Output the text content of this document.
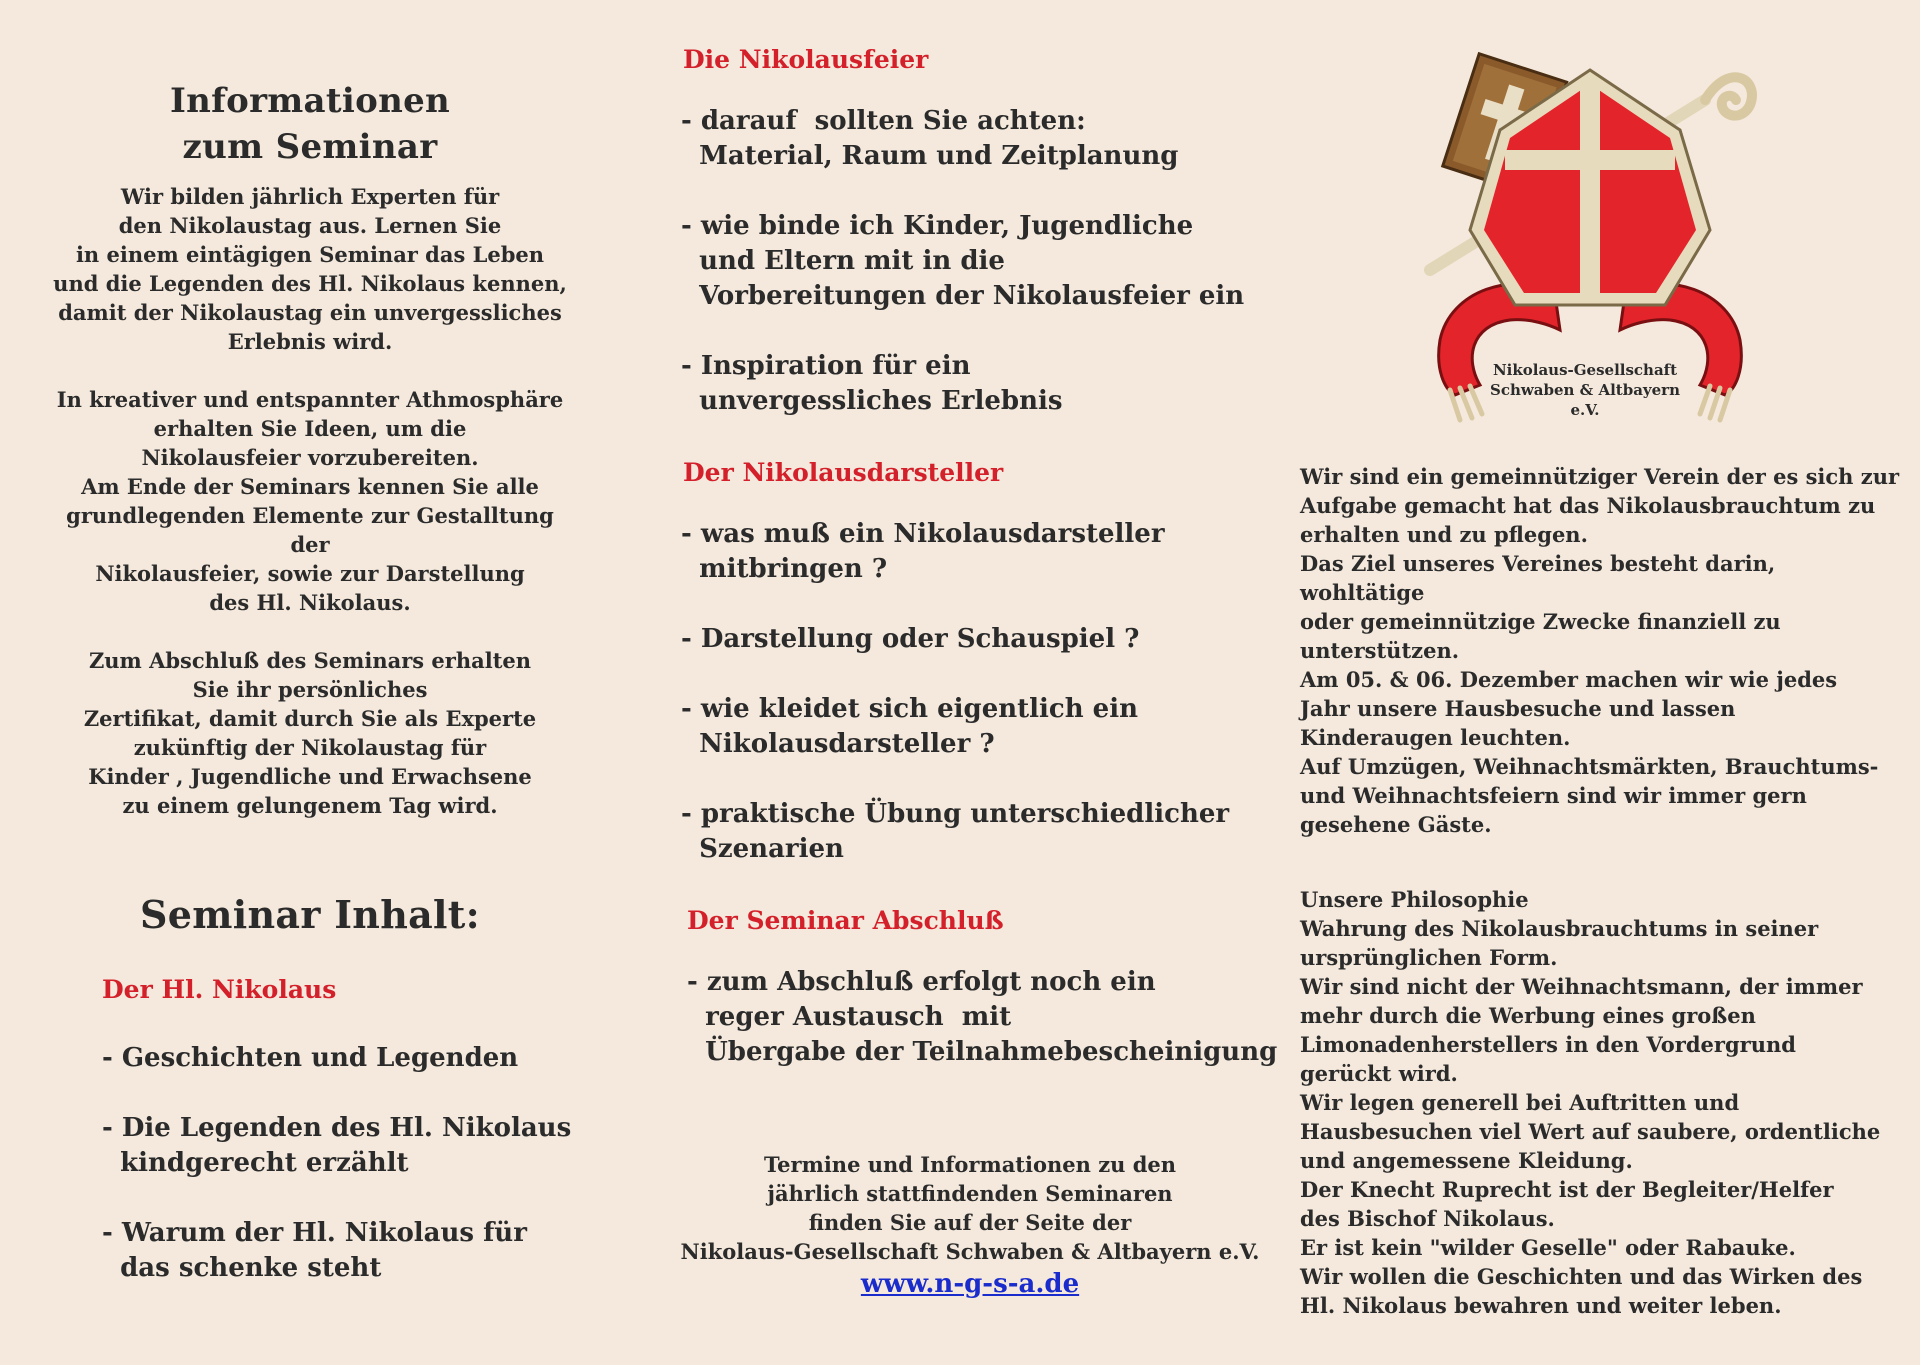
Informationen
zum Seminar

Wir bilden jährlich Experten für
den Nikolaustag aus. Lernen Sie
in einem eintägigen Seminar das Leben
und die Legenden des Hl. Nikolaus kennen,
damit der Nikolaustag ein unvergessliches
Erlebnis wird.

In kreativer und entspannter Athmosphäre
erhalten Sie Ideen, um die
Nikolausfeier vorzubereiten.
Am Ende der Seminars kennen Sie alle
grundlegenden Elemente zur Gestalltung der
Nikolausfeier, sowie zur Darstellung
des Hl. Nikolaus.

Zum Abschluß des Seminars erhalten
Sie ihr persönliches
Zertifikat, damit durch Sie als Experte
zukünftig der Nikolaustag für
Kinder , Jugendliche und Erwachsene
zu einem gelungenem Tag wird.

Seminar Inhalt:

Der Hl. Nikolaus

- Geschichten und Legenden

- Die Legenden des Hl. Nikolaus
kindgerecht erzählt

- Warum der Hl. Nikolaus für
das schenke steht

Die Nikolausfeier

- darauf  sollten Sie achten:
Material, Raum und Zeitplanung

- wie binde ich Kinder, Jugendliche
und Eltern mit in die
Vorbereitungen der Nikolausfeier ein

- Inspiration für ein
unvergessliches Erlebnis

Der Nikolausdarsteller

- was muß ein Nikolausdarsteller
mitbringen ?

- Darstellung oder Schauspiel ?

- wie kleidet sich eigentlich ein
Nikolausdarsteller ?

- praktische Übung unterschiedlicher
Szenarien

Der Seminar Abschluß

- zum Abschluß erfolgt noch ein
reger Austausch  mit
Übergabe der Teilnahmebescheinigung

Termine und Informationen zu den
jährlich stattfindenden Seminaren
finden Sie auf der Seite der
Nikolaus-Gesellschaft Schwaben & Altbayern e.V.

www.n-g-s-a.de

Nikolaus-Gesellschaft
Schwaben & Altbayern
e.V.

Wir sind ein gemeinnütziger Verein der es sich zur
Aufgabe gemacht hat das Nikolausbrauchtum zu
erhalten und zu pflegen.
Das Ziel unseres Vereines besteht darin, wohltätige
oder gemeinnützige Zwecke finanziell zu
unterstützen.
Am 05. & 06. Dezember machen wir wie jedes
Jahr unsere Hausbesuche und lassen
Kinderaugen leuchten.
Auf Umzügen, Weihnachtsmärkten, Brauchtums-
und Weihnachtsfeiern sind wir immer gern
gesehene Gäste.

Unsere Philosophie
Wahrung des Nikolausbrauchtums in seiner
ursprünglichen Form.
Wir sind nicht der Weihnachtsmann, der immer
mehr durch die Werbung eines großen
Limonadenherstellers in den Vordergrund
gerückt wird.
Wir legen generell bei Auftritten und
Hausbesuchen viel Wert auf saubere, ordentliche
und angemessene Kleidung.
Der Knecht Ruprecht ist der Begleiter/Helfer
des Bischof Nikolaus.
Er ist kein "wilder Geselle" oder Rabauke.
Wir wollen die Geschichten und das Wirken des
Hl. Nikolaus bewahren und weiter leben.
